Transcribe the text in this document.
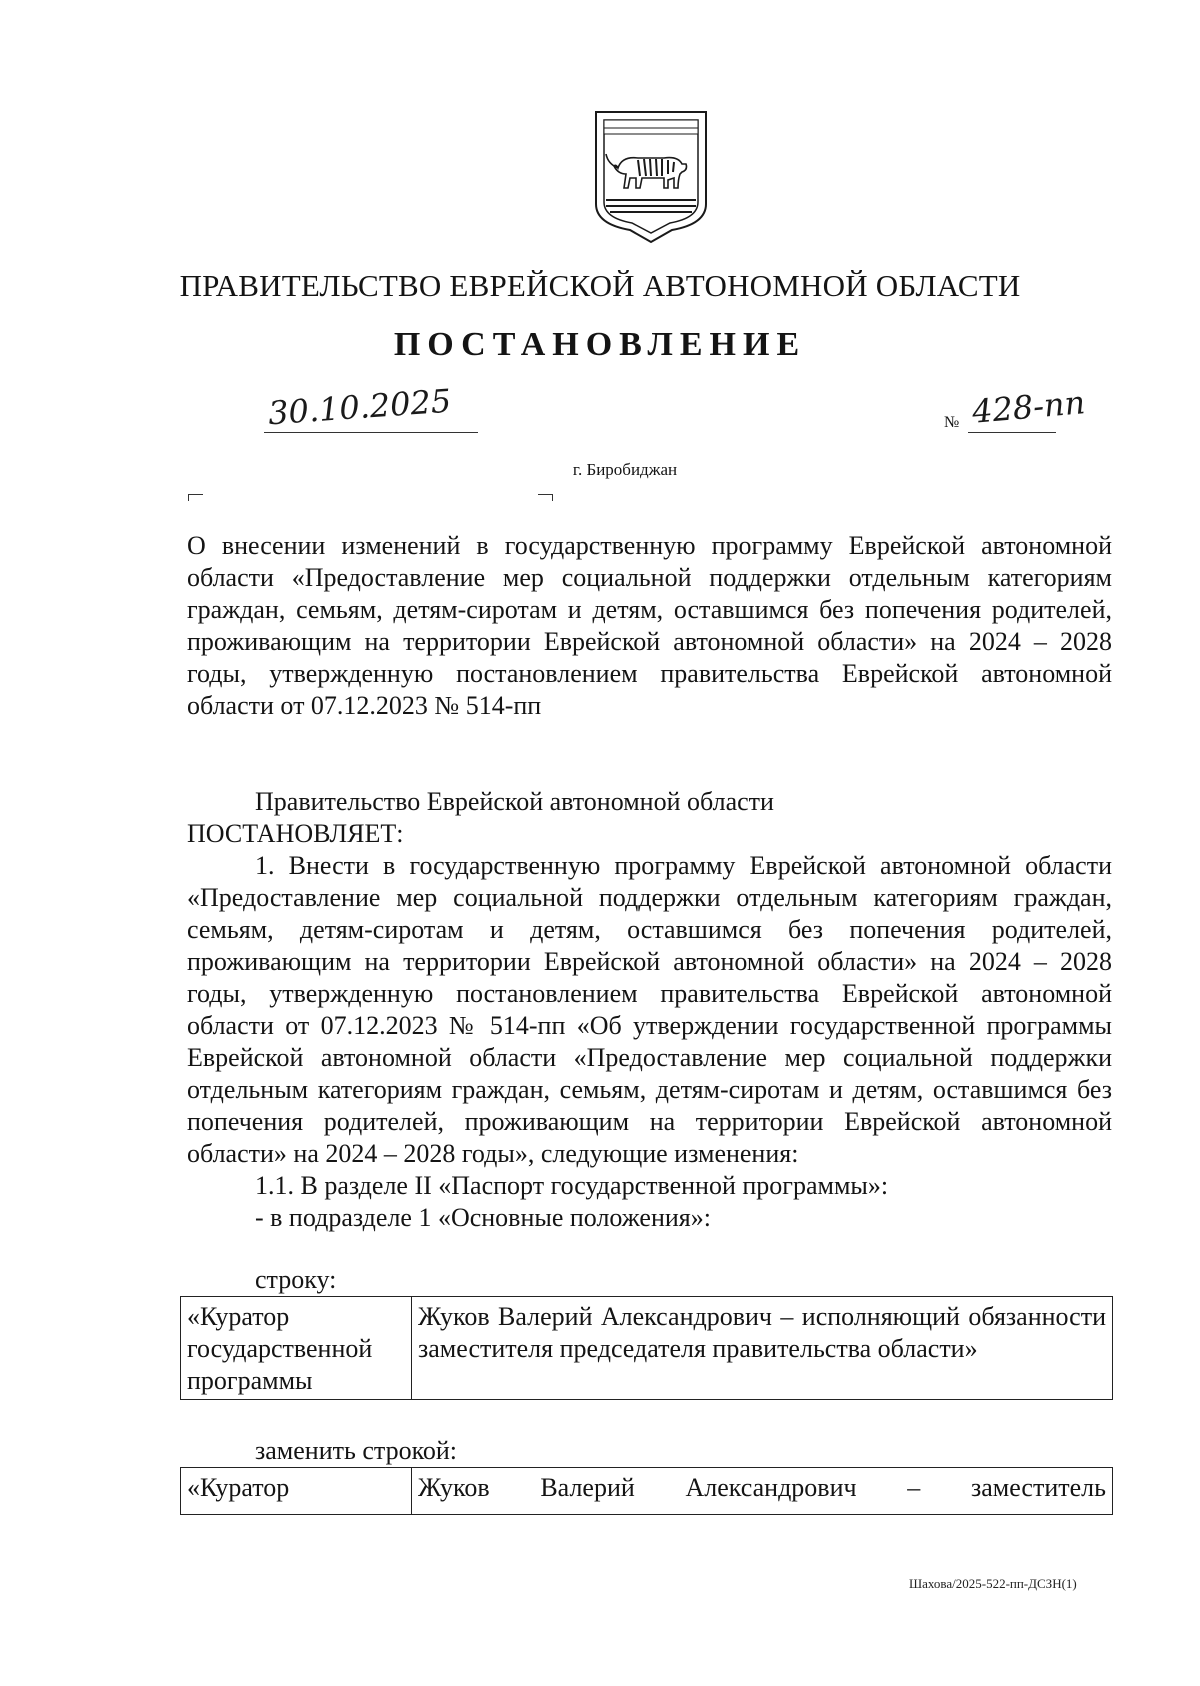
ПРАВИТЕЛЬСТВО ЕВРЕЙСКОЙ АВТОНОМНОЙ ОБЛАСТИ
ПОСТАНОВЛЕНИЕ
30.10.2025	№ 428-пп
г. Биробиджан
О внесении изменений в государственную программу Еврейской автономной области «Предоставление мер социальной поддержки отдельным категориям граждан, семьям, детям-сиротам и детям, оставшимся без попечения родителей, проживающим на территории Еврейской автономной области» на 2024 – 2028 годы, утвержденную постановлением правительства Еврейской автономной области от 07.12.2023 № 514-пп

Правительство Еврейской автономной области

ПОСТАНОВЛЯЕТ:

1. Внести в государственную программу Еврейской автономной области «Предоставление мер социальной поддержки отдельным категориям граждан, семьям, детям-сиротам и детям, оставшимся без попечения родителей, проживающим на территории Еврейской автономной области» на 2024 – 2028 годы, утвержденную постановлением правительства Еврейской автономной области от 07.12.2023 № 514-пп «Об утверждении государственной программы Еврейской автономной области «Предоставление мер социальной поддержки отдельным категориям граждан, семьям, детям-сиротам и детям, оставшимся без попечения родителей, проживающим на территории Еврейской автономной области» на 2024 – 2028 годы», следующие изменения:

1.1. В разделе II «Паспорт государственной программы»:

- в подразделе 1 «Основные положения»:

строку:
«Куратор государственной программы	Жуков Валерий Александрович – исполняющий обязанности заместителя председателя правительства области»
заменить строкой:
«Куратор	Жуков Валерий Александрович – заместитель
Шахова/2025-522-пп-ДСЗН(1)
